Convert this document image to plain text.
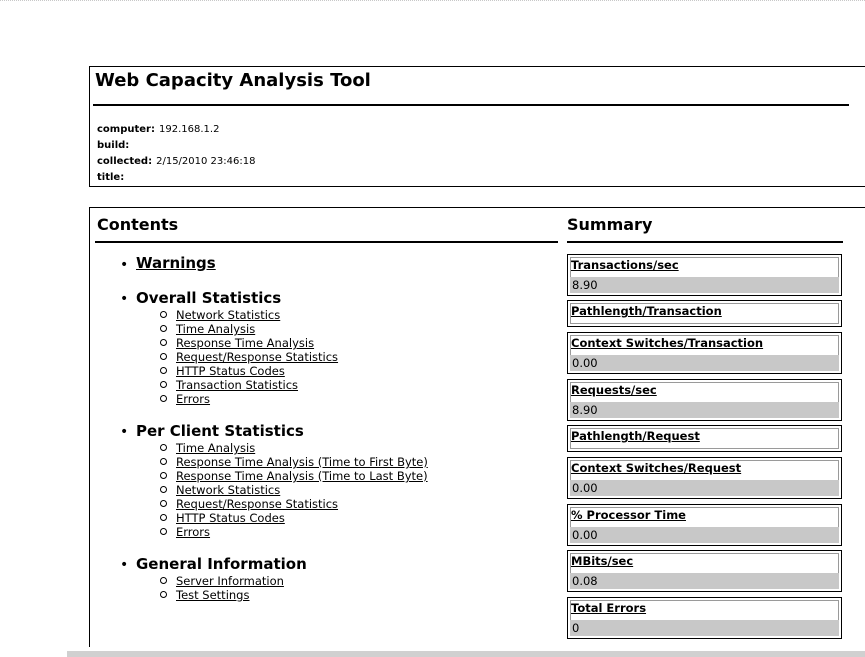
Web Capacity Analysis Tool
computer: 192.168.1.2
build:
collected: 2/15/2010 23:46:18
title:
Contents
• Warnings
• Overall Statistics
Network Statistics
Time Analysis
Response Time Analysis
Request/Response Statistics
HTTP Status Codes
Transaction Statistics
Errors
• Per Client Statistics
Time Analysis
Response Time Analysis (Time to First Byte)
Response Time Analysis (Time to Last Byte)
Network Statistics
Request/Response Statistics
HTTP Status Codes
Errors
• General Information
Server Information
Test Settings
Summary
Transactions/sec
8.90
Pathlength/Transaction
Context Switches/Transaction
0.00
Requests/sec
8.90
Pathlength/Request
Context Switches/Request
0.00
% Processor Time
0.00
MBits/sec
0.08
Total Errors
0
